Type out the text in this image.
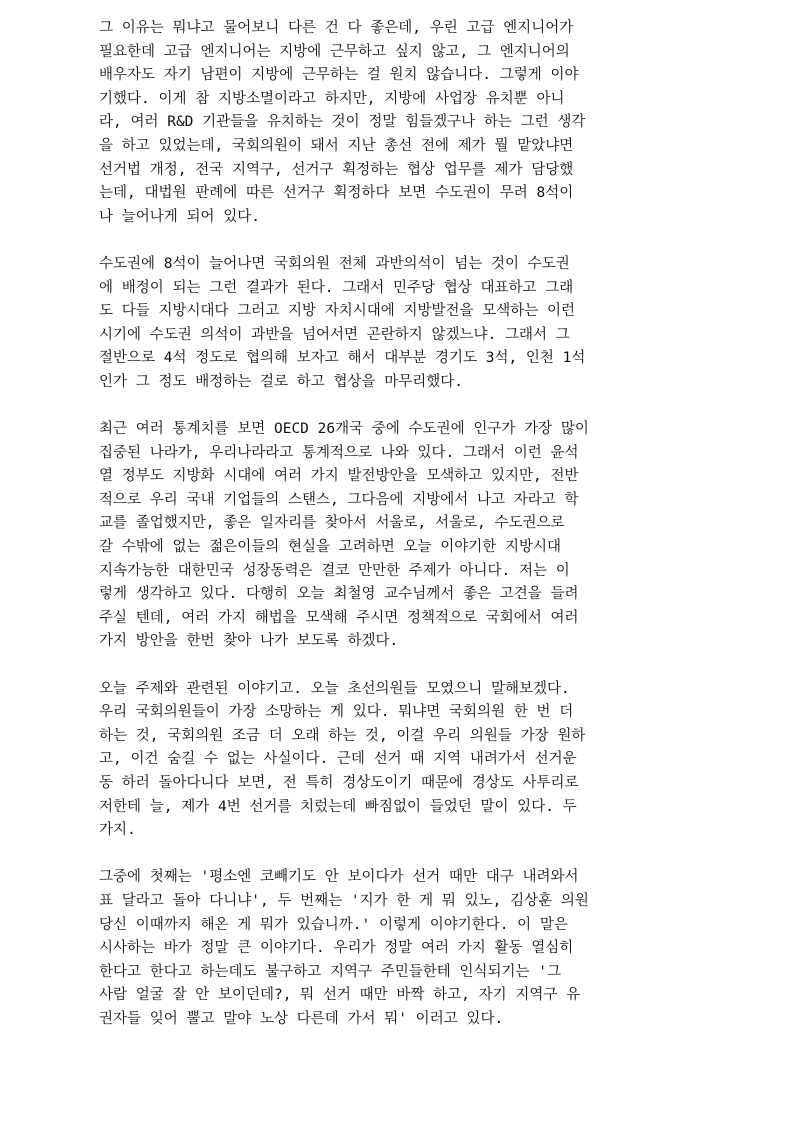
그 이유는 뭐냐고 물어보니 다른 건 다 좋은데, 우린 고급 엔지니어가
필요한데 고급 엔지니어는 지방에 근무하고 싶지 않고, 그 엔지니어의
배우자도 자기 남편이 지방에 근무하는 걸 원치 않습니다. 그렇게 이야
기했다. 이게 참 지방소멸이라고 하지만, 지방에 사업장 유치뿐 아니
라, 여러 R&D 기관들을 유치하는 것이 정말 힘들겠구나 하는 그런 생각
을 하고 있었는데, 국회의원이 돼서 지난 총선 전에 제가 뭘 맡았냐면
선거법 개정, 전국 지역구, 선거구 획정하는 협상 업무를 제가 담당했
는데, 대법원 판례에 따른 선거구 획정하다 보면 수도권이 무려 8석이
나 늘어나게 되어 있다.
수도권에 8석이 늘어나면 국회의원 전체 과반의석이 넘는 것이 수도권
에 배정이 되는 그런 결과가 된다. 그래서 민주당 협상 대표하고 그래
도 다들 지방시대다 그러고 지방 자치시대에 지방발전을 모색하는 이런
시기에 수도권 의석이 과반을 넘어서면 곤란하지 않겠느냐. 그래서 그
절반으로 4석 정도로 협의해 보자고 해서 대부분 경기도 3석, 인천 1석
인가 그 정도 배정하는 걸로 하고 협상을 마무리했다.
최근 여러 통계치를 보면 OECD 26개국 중에 수도권에 인구가 가장 많이
집중된 나라가, 우리나라라고 통계적으로 나와 있다. 그래서 이런 윤석
열 정부도 지방화 시대에 여러 가지 발전방안을 모색하고 있지만, 전반
적으로 우리 국내 기업들의 스탠스, 그다음에 지방에서 나고 자라고 학
교를 졸업했지만, 좋은 일자리를 찾아서 서울로, 서울로, 수도권으로
갈 수밖에 없는 젊은이들의 현실을 고려하면 오늘 이야기한 지방시대
지속가능한 대한민국 성장동력은 결코 만만한 주제가 아니다. 저는 이
렇게 생각하고 있다. 다행히 오늘 최철영 교수님께서 좋은 고견을 들려
주실 텐데, 여러 가지 해법을 모색해 주시면 정책적으로 국회에서 여러
가지 방안을 한번 찾아 나가 보도록 하겠다.
오늘 주제와 관련된 이야기고. 오늘 초선의원들 모였으니 말해보겠다.
우리 국회의원들이 가장 소망하는 게 있다. 뭐냐면 국회의원 한 번 더
하는 것, 국회의원 조금 더 오래 하는 것, 이걸 우리 의원들 가장 원하
고, 이건 숨길 수 없는 사실이다. 근데 선거 때 지역 내려가서 선거운
동 하러 돌아다니다 보면, 전 특히 경상도이기 때문에 경상도 사투리로
저한테 늘, 제가 4번 선거를 치렀는데 빠짐없이 들었던 말이 있다. 두
가지.
그중에 첫째는 '평소엔 코빼기도 안 보이다가 선거 때만 대구 내려와서
표 달라고 돌아 다니냐', 두 번째는 '지가 한 게 뭐 있노, 김상훈 의원
당신 이때까지 해온 게 뭐가 있습니까.' 이렇게 이야기한다. 이 말은
시사하는 바가 정말 큰 이야기다. 우리가 정말 여러 가지 활동 열심히
한다고 한다고 하는데도 불구하고 지역구 주민들한테 인식되기는 '그
사람 얼굴 잘 안 보이던데?, 뭐 선거 때만 바짝 하고, 자기 지역구 유
권자들 잊어 뿔고 말야 노상 다른데 가서 뭐' 이러고 있다.
